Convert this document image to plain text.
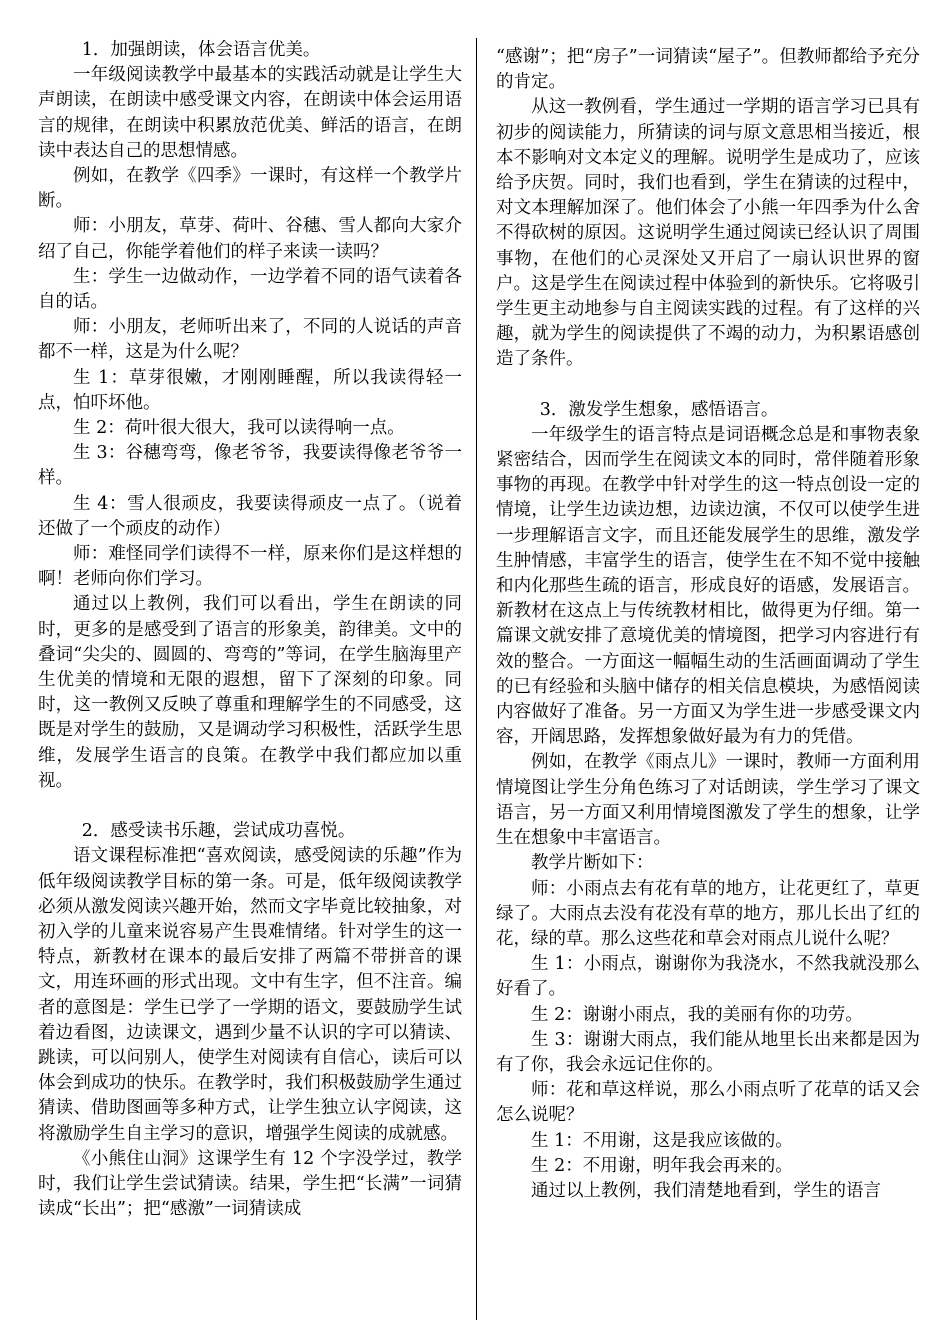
1．加强朗读，体会语言优美。

一年级阅读教学中最基本的实践活动就是让学生大声朗读，在朗读中感受课文内容，在朗读中体会运用语言的规律，在朗读中积累放范优美、鲜活的语言，在朗读中表达自己的思想情感。

例如，在教学《四季》一课时，有这样一个教学片断。

师：小朋友，草芽、荷叶、谷穗、雪人都向大家介绍了自己，你能学着他们的样子来读一读吗？

生：学生一边做动作，一边学着不同的语气读着各自的话。

师：小朋友，老师听出来了，不同的人说话的声音都不一样，这是为什么呢？

生 1：草芽很嫩，才刚刚睡醒，所以我读得轻一点，怕吓坏他。

生 2：荷叶很大很大，我可以读得响一点。

生 3：谷穗弯弯，像老爷爷，我要读得像老爷爷一样。

生 4：雪人很顽皮，我要读得顽皮一点了。（说着还做了一个顽皮的动作）

师：难怪同学们读得不一样，原来你们是这样想的啊！老师向你们学习。

通过以上教例，我们可以看出，学生在朗读的同时，更多的是感受到了语言的形象美，韵律美。文中的叠词“尖尖的、圆圆的、弯弯的”等词，在学生脑海里产生优美的情境和无限的遐想，留下了深刻的印象。同时，这一教例又反映了尊重和理解学生的不同感受，这既是对学生的鼓励，又是调动学习积极性，活跃学生思维，发展学生语言的良策。在教学中我们都应加以重视。

2．感受读书乐趣，尝试成功喜悦。

语文课程标准把“喜欢阅读，感受阅读的乐趣”作为低年级阅读教学目标的第一条。可是，低年级阅读教学必须从激发阅读兴趣开始，然而文字毕竟比较抽象，对初入学的儿童来说容易产生畏难情绪。针对学生的这一特点，新教材在课本的最后安排了两篇不带拼音的课文，用连环画的形式出现。文中有生字，但不注音。编者的意图是：学生已学了一学期的语文，要鼓励学生试着边看图，边读课文，遇到少量不认识的字可以猜读、跳读，可以问别人，使学生对阅读有自信心，读后可以体会到成功的快乐。在教学时，我们积极鼓励学生通过猜读、借助图画等多种方式，让学生独立认字阅读，这将激励学生自主学习的意识，增强学生阅读的成就感。

《小熊住山洞》这课学生有 12 个字没学过，教学时，我们让学生尝试猜读。结果，学生把“长满”一词猜读成“长出”；把“感激”一词猜读成

“感谢”；把“房子”一词猜读“屋子”。但教师都给予充分的肯定。

从这一教例看，学生通过一学期的语言学习已具有初步的阅读能力，所猜读的词与原文意思相当接近，根本不影响对文本定义的理解。说明学生是成功了，应该给予庆贺。同时，我们也看到，学生在猜读的过程中，对文本理解加深了。他们体会了小熊一年四季为什么舍不得砍树的原因。这说明学生通过阅读已经认识了周围事物，在他们的心灵深处又开启了一扇认识世界的窗户。这是学生在阅读过程中体验到的新快乐。它将吸引学生更主动地参与自主阅读实践的过程。有了这样的兴趣，就为学生的阅读提供了不竭的动力，为积累语感创造了条件。

3．激发学生想象，感悟语言。

一年级学生的语言特点是词语概念总是和事物表象紧密结合，因而学生在阅读文本的同时，常伴随着形象事物的再现。在教学中针对学生的这一特点创设一定的情境，让学生边读边想，边读边演，不仅可以使学生进一步理解语言文字，而且还能发展学生的思维，激发学生肿情感，丰富学生的语言，使学生在不知不觉中接触和内化那些生疏的语言，形成良好的语感，发展语言。新教材在这点上与传统教材相比，做得更为仔细。第一篇课文就安排了意境优美的情境图，把学习内容进行有效的整合。一方面这一幅幅生动的生活画面调动了学生的已有经验和头脑中储存的相关信息模块，为感悟阅读内容做好了准备。另一方面又为学生进一步感受课文内容，开阔思路，发挥想象做好最为有力的凭借。

例如，在教学《雨点儿》一课时，教师一方面利用情境图让学生分角色练习了对话朗读，学生学习了课文语言，另一方面又利用情境图激发了学生的想象，让学生在想象中丰富语言。

教学片断如下：

师：小雨点去有花有草的地方，让花更红了，草更绿了。大雨点去没有花没有草的地方，那儿长出了红的花，绿的草。那么这些花和草会对雨点儿说什么呢？

生 1：小雨点，谢谢你为我浇水，不然我就没那么好看了。

生 2：谢谢小雨点，我的美丽有你的功劳。

生 3：谢谢大雨点，我们能从地里长出来都是因为有了你，我会永远记住你的。

师：花和草这样说，那么小雨点听了花草的话又会怎么说呢？

生 1：不用谢，这是我应该做的。

生 2：不用谢，明年我会再来的。

通过以上教例，我们清楚地看到，学生的语言
